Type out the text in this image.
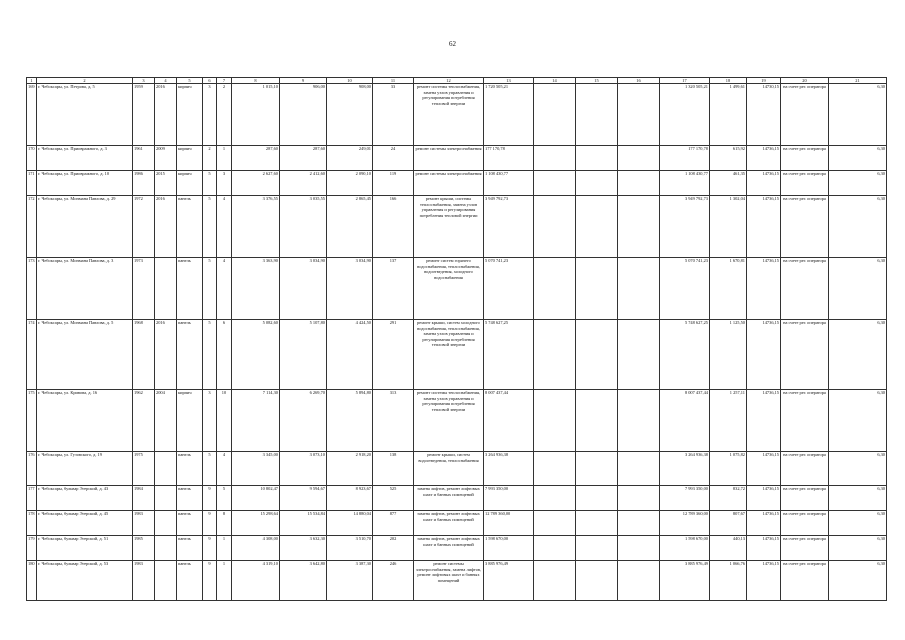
62
1	2	3	4	5	6	7	8	9	10	11	12	13	14	15	16	17	18	19	20	21
169	г. Чебоксары, ул. Петрова, д. 5	1959	2016	кирпич	3	2	1 015,10	906,00	908,00	33	ремонт системы теплоснабжения, замена узлов управления и регулирования потребления тепловой энергии	1 720 505,21				1 320 505,21	1 499,61	14730,15	на счете рег. оператора	6,30
170	г. Чебоксары, ул. Приовражного, д. 3	1961	2009	кирпич	2	1	287,60	287,60	249,01	24	ремонт системы электроснабжения	177 170,78				177 170,78	615,92	14736,15	на счете рег. оператора	6,30
171	г. Чебоксары, ул. Приовражного, д. 10	1986	2015	кирпич	5	3	2 627,60	2 412,60	2 090,10	119	ремонт системы электроснабжения	1 108 430,77				1 108 430,77	461,35	14736,15	на счете рег. оператора	6,30
172	г. Чебоксары, ул. Мичмана Павлова, д. 29	1972	2016	панель	5	4	3 376,55	3 035,55	2 865,45	166	ремонт крыши, системы теплоснабжения, замена узлов управления и регулирования потребления тепловой энергии	3 949 792,73				3 949 792,73	1 302,04	14736,15	на счете рег. оператора	6,30
173	г. Чебоксары, ул. Мичмана Павлова, д. 3	1973		панель	5	4	3 363,90	3 034,90	3 034,90	137	ремонт систем горячего водоснабжения, теплоснабжения, водоотведения, холодного водоснабжения	5 070 741,23				5 070 741,23	1 670,81	14736,15	на счете рег. оператора	6,30
174	г. Чебоксары, ул. Мичмана Павлова, д. 5	1968	2016	панель	5	6	5 082,60	5 107,80	4 424,50	291	ремонт крыши, систем холодного водоснабжения, теплоснабжения, замена узлов управления и регулирования потребления тепловой энергии	5 748 627,25				5 748 627,25	1 125,50	14736,15	на счете рег. оператора	6,30
175	г. Чебоксары, ул. Кривова, д. 16	1962	2004	кирпич	3	10	7 114,30	6 269,70	5 894,80	313	ремонт системы теплоснабжения, замена узлов управления и регулирования потребления тепловой энергии	8 007 437,44				8 007 437,44	1 257,11	14736,15	на счете рег. оператора	6,30
176	г. Чебоксары, ул. Гузовского, д. 19	1975		панель	5	4	3 345,00	3 073,10	2 918,20	138	ремонт крыши, систем водоотведения, теплоснабжения	3 264 936,38				3 264 936,38	1 075,82	14736,15	на счете рег. оператора	6,30
177	г. Чебоксары, бульвар Эгерский, д. 43	1984		панель	9	5	10 802,47	9 594,67	8 923,67	525	замена лифтов, ремонт лифтовых шахт и банных помещений	7 993 350,00				7 993 350,00	832,72	14736,15	на счете рег. оператора	6,30
178	г. Чебоксары, бульвар Эгерский, д. 45	1983		панель	9	8	15 298,64	15 534,84	14 880,04	877	замена лифтов, ремонт лифтовых шахт и банных помещений	12 789 360,00				12 789 360,00	807,67	14736,15	на счете рег. оператора	6,30
179	г. Чебоксары, бульвар Эгерский, д. 51	1985		панель	9	1	4 308,00	3 632,30	3 510,70	202	замена лифтов, ремонт лифтовых шахт и банных помещений	1 598 670,00				1 598 670,00	440,13	14736,15	на счете рег. оператора	6,30
180	г. Чебоксары, бульвар Эгерский, д. 53	1983		панель	9	1	4 319,10	3 642,80	3 387,30	246	ремонт системы электроснабжения, замена лифтов, ремонт лифтовых шахт и банных помещений	3 885 976,49				3 885 976,49	1 066,76	14736,15	на счете рег. оператора	6,30
